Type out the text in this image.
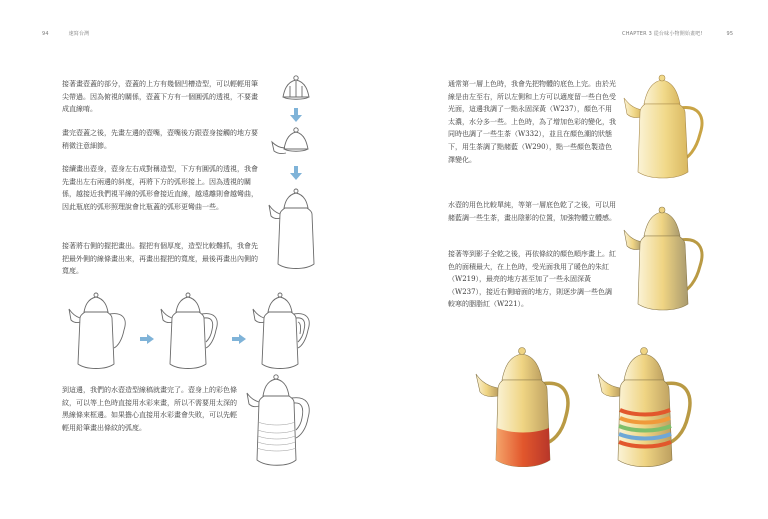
94	速寫台灣	CHAPTER 3 從台味小物開始畫吧!	95

接著畫壺蓋的部分，壺蓋的上方有幾個凹槽造型，可以輕輕用筆尖帶過。因為俯視的關係，壺蓋下方有一個圓弧的透視，不要畫成直線唷。

畫完壺蓋之後，先畫左邊的壺嘴，壺嘴後方跟壺身接觸的地方要稍微注意細節。

接續畫出壺身，壺身左右成對稱造型，下方有圓弧的透視，我會先畫出左右兩邊的斜度，再將下方的弧形接上。因為透視的關係，越接近我們視平線的弧形會接近直線，越遠離則會越彎曲，因此瓶底的弧形照理說會比瓶蓋的弧形更彎曲一些。

接著將右側的握把畫出。握把有個厚度，造型比較難抓，我會先把最外側的線條畫出來，再畫出握把的寬度，最後再畫出內側的寬度。

到這邊，我們的水壺造型線稿就畫完了。壺身上的彩色條紋，可以等上色時直接用水彩來畫，所以不需要用太深的黑線條來框邊。如果擔心直接用水彩畫會失敗，可以先輕輕用鉛筆畫出條紋的弧度。

通常第一層上色時，我會先把物體的底色上完。由於光線是由左至右，所以左側和上方可以適度留一些白色受光面，這邊我調了一點永固深黃（W237），顏色不用太濃，水分多一些。上色時，為了增加色彩的變化，我同時也調了一些生茶（W332），並且在顏色潮的狀態下，用生茶調了點赭藍（W290），點一些顏色製造色澤變化。

水壺的用色比較單純，等第一層底色乾了之後，可以用赭藍調一些生茶，畫出陰影的位置，加強物體立體感。

接著等到影子全乾之後，再依條紋的顏色順序畫上。紅色的面積最大，在上色時，受光面我用了暖色的朱紅（W219），最亮的地方甚至加了一些永固深黃（W237），接近右側暗面的地方，則逐步調一些色調較寒的胭脂紅（W221）。
